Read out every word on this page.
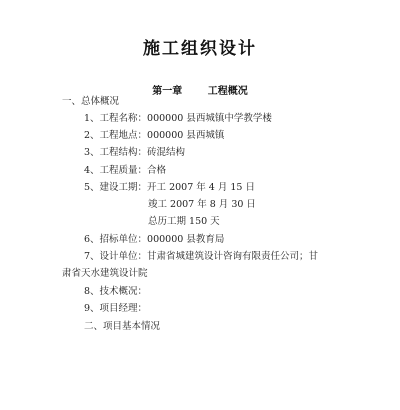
施工组织设计
第一章	工程概况
一、总体概况
1、工程名称：000000 县西城镇中学教学楼
2、工程地点：000000 县西城镇
3、工程结构：砖混结构
4、工程质量：合格
5、建设工期：开工 2007 年 4 月 15 日
竣工 2007 年 8 月 30 日
总历工期 150 天
6、招标单位：000000 县教育局
7、设计单位：甘肃省城建筑设计咨询有限责任公司；甘
肃省天水建筑设计院
8、技术概况：
9、项目经理：
二、项目基本情况
